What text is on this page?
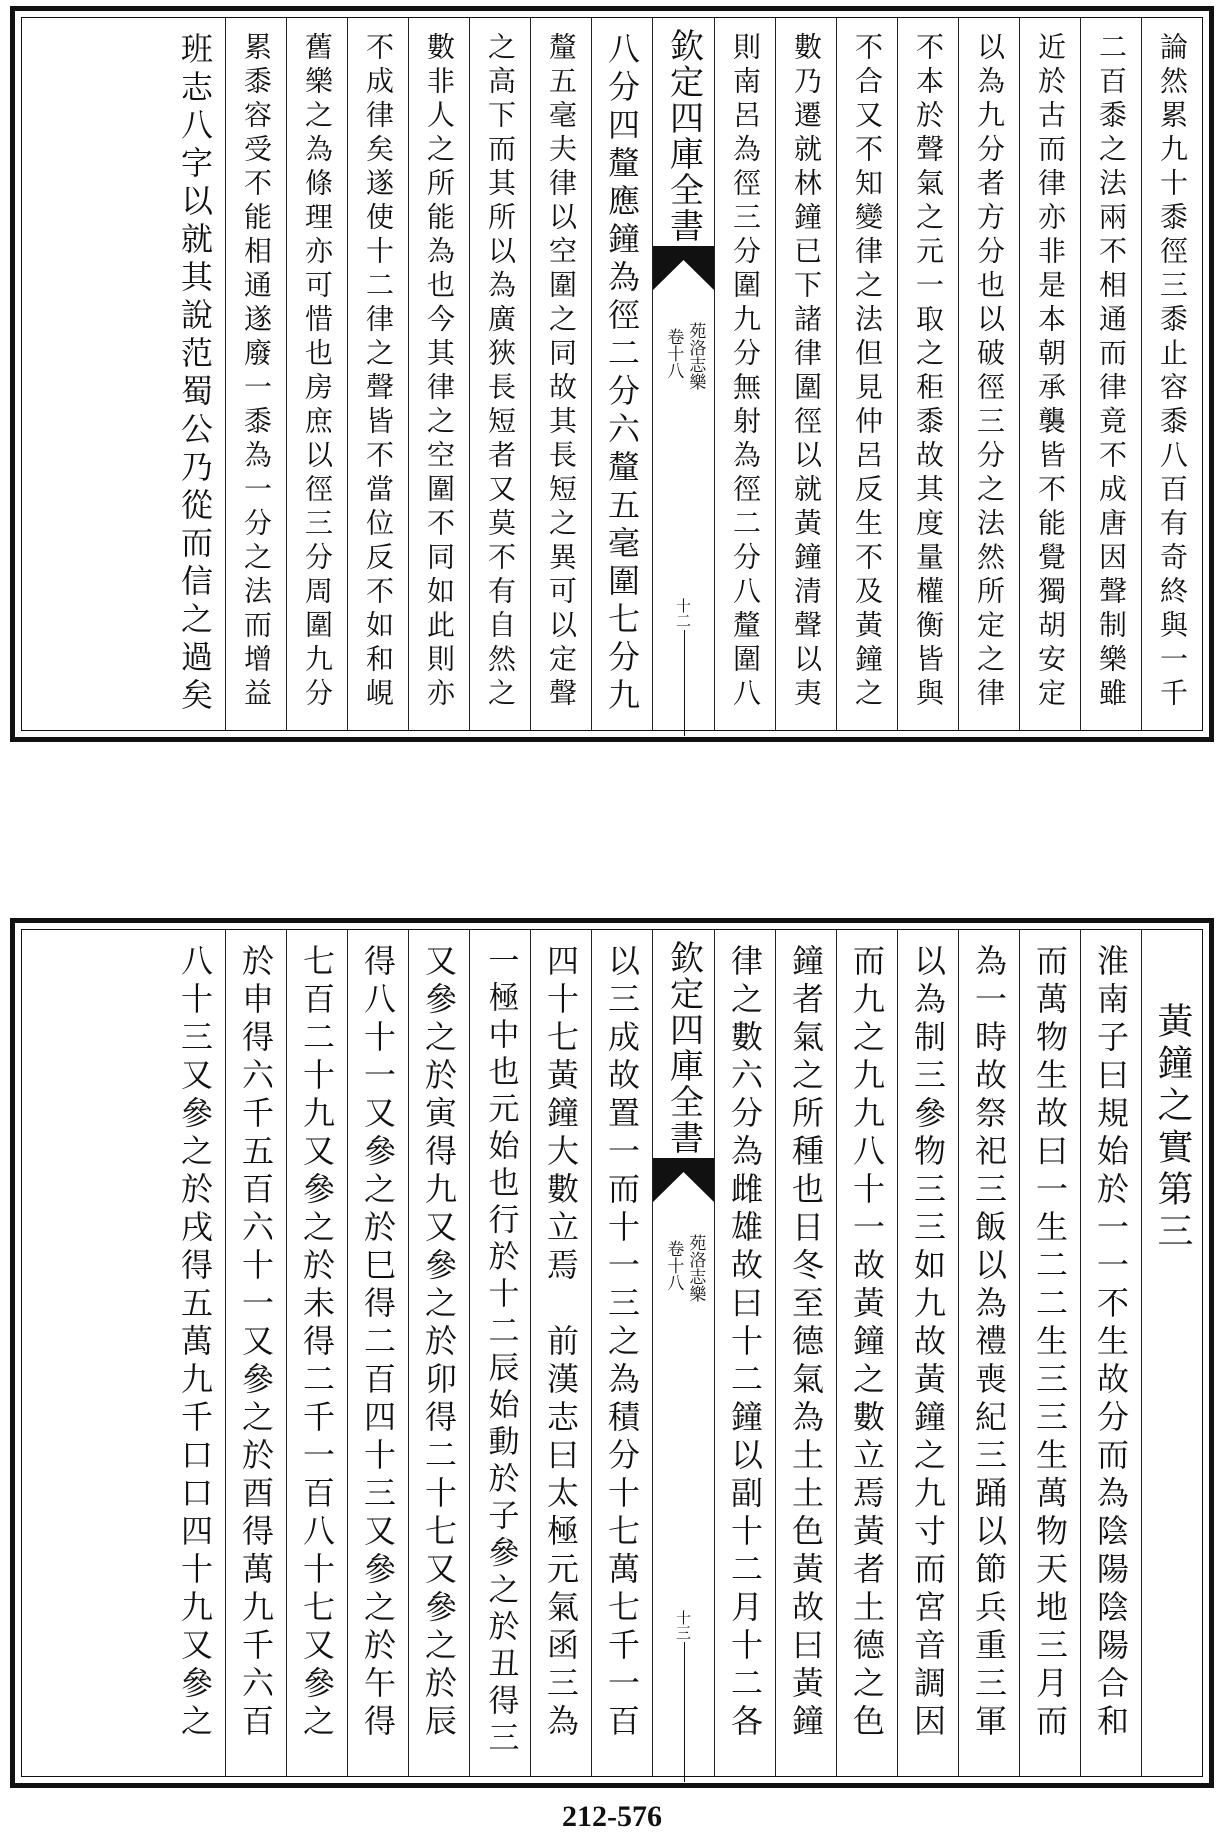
論然累九十黍徑三黍止容黍八百有奇終與一千
二百黍之法兩不相通而律竟不成唐因聲制樂雖
近於古而律亦非是本朝承襲皆不能覺獨胡安定
以為九分者方分也以破徑三分之法然所定之律
不本於聲氣之元一取之秬黍故其度量權衡皆與
不合又不知變律之法但見仲呂反生不及黃鐘之
數乃遷就林鐘已下諸律圍徑以就黃鐘清聲以夷
則南呂為徑三分圍九分無射為徑二分八釐圍八
欽定四庫全書
苑洛志樂
卷十八
十二
八分四釐應鐘為徑二分六釐五毫圍七分九
釐五毫夫律以空圍之同故其長短之異可以定聲
之高下而其所以為廣狹長短者又莫不有自然之
數非人之所能為也今其律之空圍不同如此則亦
不成律矣遂使十二律之聲皆不當位反不如和峴
舊樂之為條理亦可惜也房庶以徑三分周圍九分
累黍容受不能相通遂廢一黍為一分之法而增益
班志八字以就其說范蜀公乃從而信之過矣
黃鐘之實第三
淮南子曰規始於一一不生故分而為陰陽陰陽合和
而萬物生故曰一生二二生三三生萬物天地三月而
為一時故祭祀三飯以為禮喪紀三踊以節兵重三軍
以為制三參物三三如九故黃鐘之九寸而宮音調因
而九之九九八十一故黃鐘之數立焉黃者土德之色
鐘者氣之所種也日冬至德氣為土土色黃故曰黃鐘
律之數六分為雌雄故曰十二鐘以副十二月十二各
欽定四庫全書
苑洛志樂
卷十八
十三
以三成故置一而十一三之為積分十七萬七千一百
四十七黃鐘大數立焉　前漢志曰太極元氣函三為
一極中也元始也行於十二辰始動於子參之於丑得三
又參之於寅得九又參之於卯得二十七又參之於辰
得八十一又參之於巳得二百四十三又參之於午得
七百二十九又參之於未得二千一百八十七又參之
於申得六千五百六十一又參之於酉得萬九千六百
八十三又參之於戌得五萬九千口口四十九又參之
212-576
